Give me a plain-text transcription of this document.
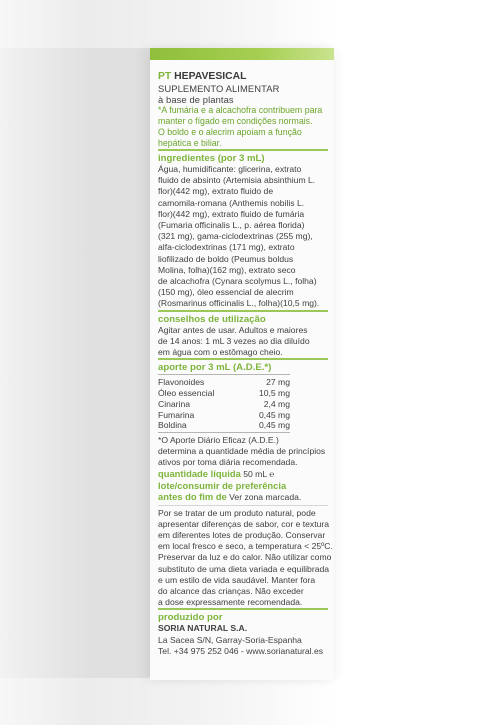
PT HEPAVESICAL
SUPLEMENTO ALIMENTAR
à base de plantas
*A fumária e a alcachofra contribuem para
manter o fígado em condições normais.
O boldo e o alecrim apoiam a função
hepática e biliar.
ingredientes (por 3 mL)
Água, humidificante: glicerina, extrato
fluido de absinto (Artemisia absinthium L.
flor)(442 mg), extrato fluido de
camomila-romana (Anthemis nobilis L.
flor)(442 mg), extrato fluido de fumária
(Fumaria officinalis L., p. aérea florida)
(321 mg), gama-ciclodextrinas (255 mg),
alfa-ciclodextrinas (171 mg), extrato
liofilizado de boldo (Peumus boldus
Molina, folha)(162 mg), extrato seco
de alcachofra (Cynara scolymus L., folha)
(150 mg), óleo essencial de alecrim
(Rosmarinus officinalis L., folha)(10,5 mg).
conselhos de utilização
Agitar antes de usar. Adultos e maiores
de 14 anos: 1 mL 3 vezes ao dia diluído
em água com o estômago cheio.
aporte por 3 mL (A.D.E.*)
Flavonoides	27 mg
Óleo essencial	10,5 mg
Cinarina	2,4 mg
Fumarina	0,45 mg
Boldina	0,45 mg
*O Aporte Diário Eficaz (A.D.E.)
determina a quantidade média de princípios
ativos por toma diária recomendada.
quantidade líquida 50 mL ℮
lote/consumir de preferência
antes do fim de Ver zona marcada.
Por se tratar de um produto natural, pode
apresentar diferenças de sabor, cor e textura
em diferentes lotes de produção. Conservar
em local fresco e seco, a temperatura < 25ºC.
Preservar da luz e do calor. Não utilizar como
substituto de uma dieta variada e equilibrada
e um estilo de vida saudável. Manter fora
do alcance das crianças. Não exceder
a dose expressamente recomendada.
produzido por
SORIA NATURAL S.A.
La Sacea S/N, Garray-Soria-Espanha
Tel. +34 975 252 046 - www.sorianatural.es
